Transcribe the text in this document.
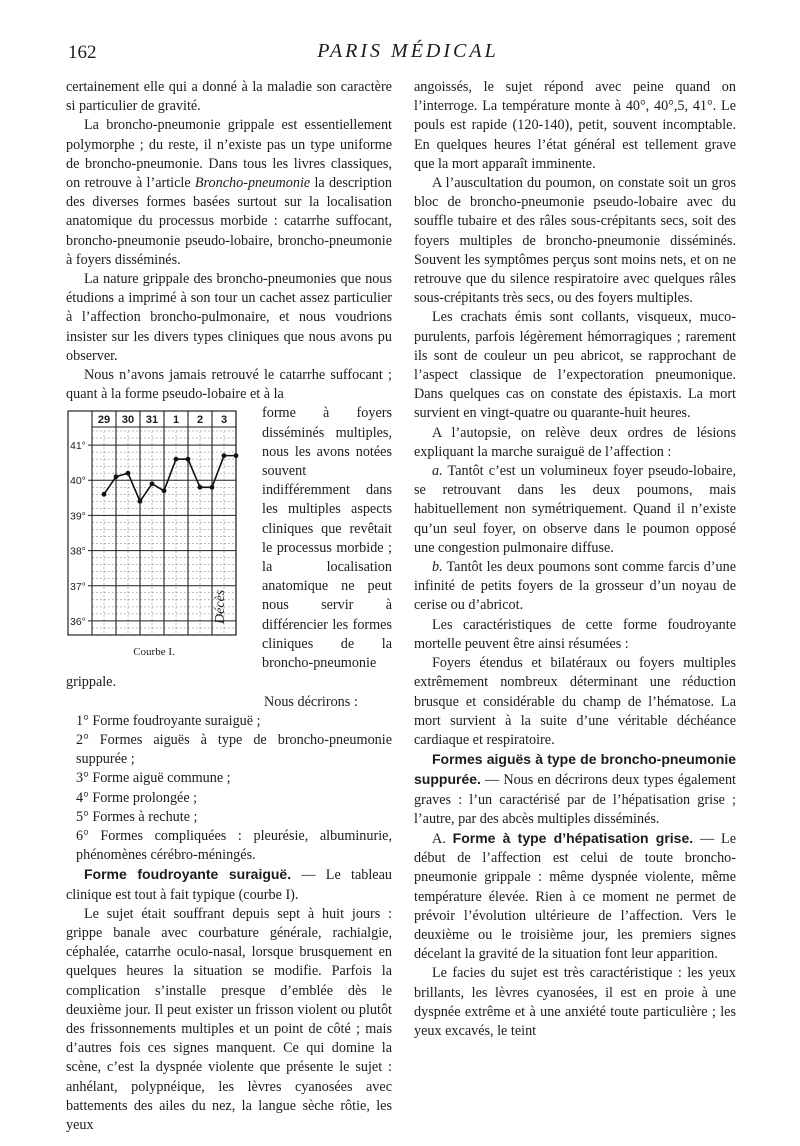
162	PARIS MÉDICAL

certainement elle qui a donné à la maladie son caractère si particulier de gravité.

La broncho-pneumonie grippale est essentiellement polymorphe ; du reste, il n’existe pas un type uniforme de broncho-pneumonie. Dans tous les livres classiques, on retrouve à l’article Broncho-pneumonie la description des diverses formes basées surtout sur la localisation anatomique du processus morbide : catarrhe suffocant, broncho-pneumonie pseudo-lobaire, broncho-pneumonie à foyers disséminés.

La nature grippale des broncho-pneumonies que nous étudions a imprimé à son tour un cachet assez particulier à l’affection broncho-pulmonaire, et nous voudrions insister sur les divers types cliniques que nous avons pu observer.

Nous n’avons jamais retrouvé le catarrhe suffocant ; quant à la forme pseudo-lobaire et à la

29 30 31 1 2 3
41°
40°
39°
38°
37°
36°	Décès
Courbe I.

forme à foyers disséminés multiples, nous les avons notées souvent indifféremment dans les multiples aspects cliniques que revêtait le processus morbide ; la localisation anatomique ne peut nous servir à différencier les formes cliniques de la broncho-pneumonie grippale.

Nous décrirons :

1° Forme foudroyante suraiguë ;

2° Formes aiguës à type de broncho-pneumonie suppurée ;

3° Forme aiguë commune ;

4° Forme prolongée ;

5° Formes à rechute ;

6° Formes compliquées : pleurésie, albuminurie, phénomènes cérébro-méningés.

Forme foudroyante suraiguë. — Le tableau clinique est tout à fait typique (courbe I).

Le sujet était souffrant depuis sept à huit jours : grippe banale avec courbature générale, rachialgie, céphalée, catarrhe oculo-nasal, lorsque brusquement en quelques heures la situation se modifie. Parfois la complication s’installe presque d’emblée dès le deuxième jour. Il peut exister un frisson violent ou plutôt des frissonnements multiples et un point de côté ; mais d’autres fois ces signes manquent. Ce qui domine la scène, c’est la dyspnée violente que présente le sujet : anhélant, polypnéique, les lèvres cyanosées avec battements des ailes du nez, la langue sèche rôtie, les yeux

angoissés, le sujet répond avec peine quand on l’interroge. La température monte à 40°, 40°,5, 41°. Le pouls est rapide (120-140), petit, souvent incomptable. En quelques heures l’état général est tellement grave que la mort apparaît imminente.

A l’auscultation du poumon, on constate soit un gros bloc de broncho-pneumonie pseudo-lobaire avec du souffle tubaire et des râles sous-crépitants secs, soit des foyers multiples de broncho-pneumonie disséminés. Souvent les symptômes perçus sont moins nets, et on ne retrouve que du silence respiratoire avec quelques râles sous-crépitants très secs, ou des foyers multiples.

Les crachats émis sont collants, visqueux, muco-purulents, parfois légèrement hémorragiques ; rarement ils sont de couleur un peu abricot, se rapprochant de l’aspect classique de l’expectoration pneumonique. Dans quelques cas on constate des épistaxis. La mort survient en vingt-quatre ou quarante-huit heures.

A l’autopsie, on relève deux ordres de lésions expliquant la marche suraiguë de l’affection :

a. Tantôt c’est un volumineux foyer pseudo-lobaire, se retrouvant dans les deux poumons, mais habituellement non symétriquement. Quand il n’existe qu’un seul foyer, on observe dans le poumon opposé une congestion pulmonaire diffuse.

b. Tantôt les deux poumons sont comme farcis d’une infinité de petits foyers de la grosseur d’un noyau de cerise ou d’abricot.

Les caractéristiques de cette forme foudroyante mortelle peuvent être ainsi résumées :

Foyers étendus et bilatéraux ou foyers multiples extrêmement nombreux déterminant une réduction brusque et considérable du champ de l’hématose. La mort survient à la suite d’une véritable déchéance cardiaque et respiratoire.

Formes aiguës à type de broncho-pneumonie suppurée. — Nous en décrirons deux types également graves : l’un caractérisé par de l’hépatisation grise ; l’autre, par des abcès multiples disséminés.

A. Forme à type d’hépatisation grise. — Le début de l’affection est celui de toute broncho-pneumonie grippale : même dyspnée violente, même température élevée. Rien à ce moment ne permet de prévoir l’évolution ultérieure de l’affection. Vers le deuxième ou le troisième jour, les premiers signes décelant la gravité de la situation font leur apparition.

Le facies du sujet est très caractéristique : les yeux brillants, les lèvres cyanosées, il est en proie à une dyspnée extrême et à une anxiété toute particulière ; les yeux excavés, le teint
